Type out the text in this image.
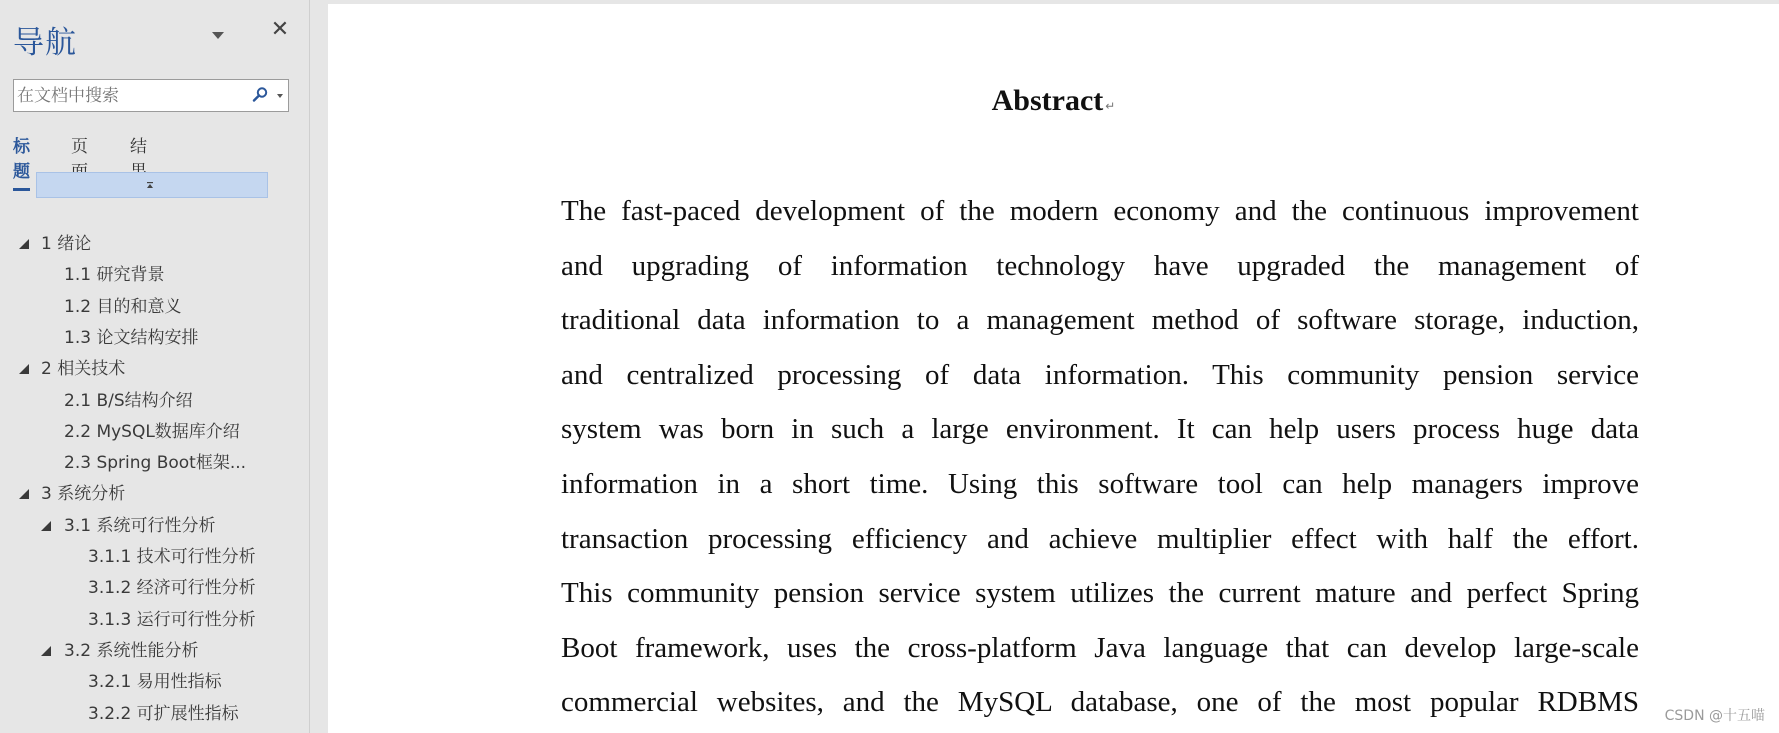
导航	✕
在文档中搜索
标题
页 结
1 绪论
1.1 研究背景
1.2 目的和意义
1.3 论文结构安排
2 相关技术
2.1 B/S结构介绍
2.2 MySQL数据库介绍
2.3 Spring Boot框架...
3 系统分析
3.1 系统可行性分析
3.1.1 技术可行性分析
3.1.2 经济可行性分析
3.1.3 运行可行性分析
3.2 系统性能分析
3.2.1 易用性指标
3.2.2 可扩展性指标
Abstract ↵
The fast-paced development of the modern economy and the continuous improvement
and upgrading of information technology have upgraded the management of
traditional data information to a management method of software storage, induction,
and centralized processing of data information. This community pension service
system was born in such a large environment. It can help users process huge data
information in a short time. Using this software tool can help managers improve
transaction processing efficiency and achieve multiplier effect with half the effort.
This community pension service system utilizes the current mature and perfect Spring
Boot framework, uses the cross-platform Java language that can develop large-scale
commercial websites, and the MySQL database, one of the most popular RDBMS CSDN @十五喵
